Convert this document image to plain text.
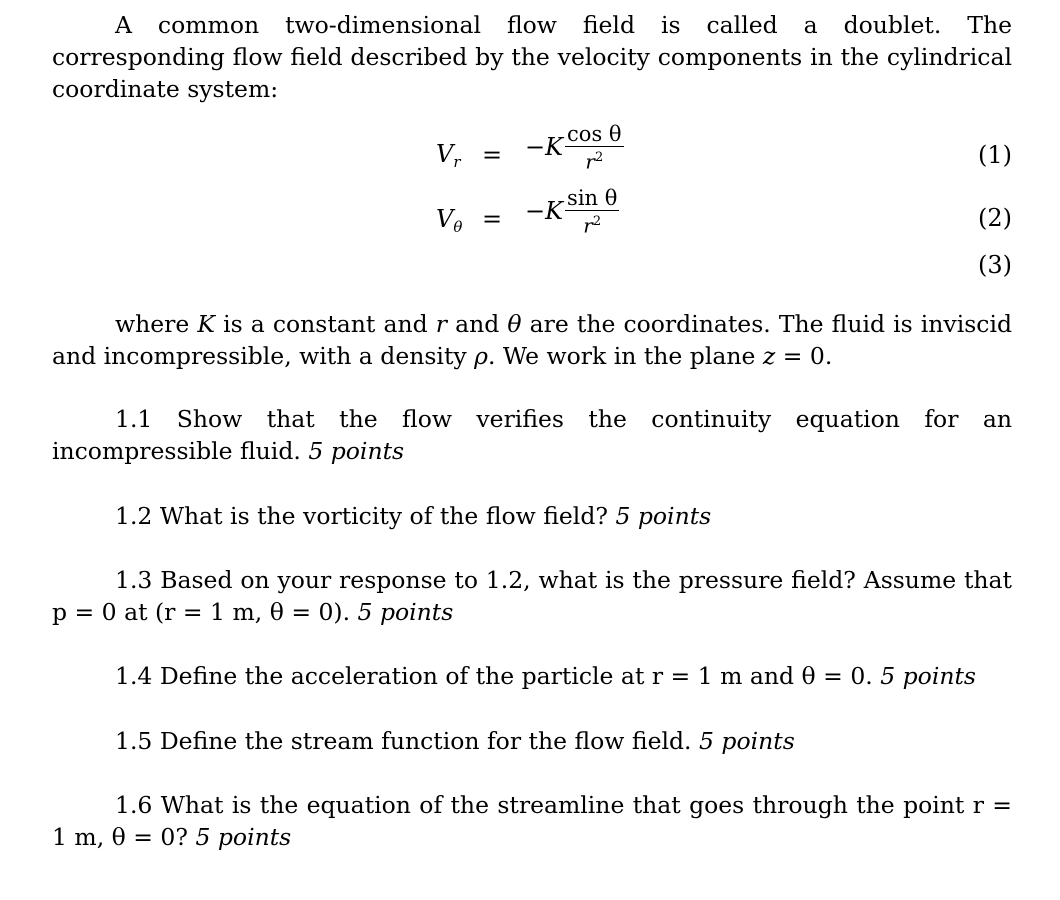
A common two-dimensional flow field is called a doublet. The corresponding flow field described by the velocity components in the cylindrical coordinate system:
$V_r = -K \frac{\text{cos θ}}{r^2}$	(1)
$V_\theta = -K \frac{\text{sin θ}}{r^2}$	(2)
(3)
where K is a constant and r and θ are the coordinates. The fluid is inviscid and incompressible, with a density ρ. We work in the plane z = 0.
1.1 Show that the flow verifies the continuity equation for an incompressible fluid. 5 points
1.2 What is the vorticity of the flow field? 5 points
1.3 Based on your response to 1.2, what is the pressure field? Assume that p = 0 at (r = 1 m, θ = 0). 5 points
1.4 Define the acceleration of the particle at r = 1 m and θ = 0. 5 points
1.5 Define the stream function for the flow field. 5 points
1.6 What is the equation of the streamline that goes through the point r = 1 m, θ = 0? 5 points
